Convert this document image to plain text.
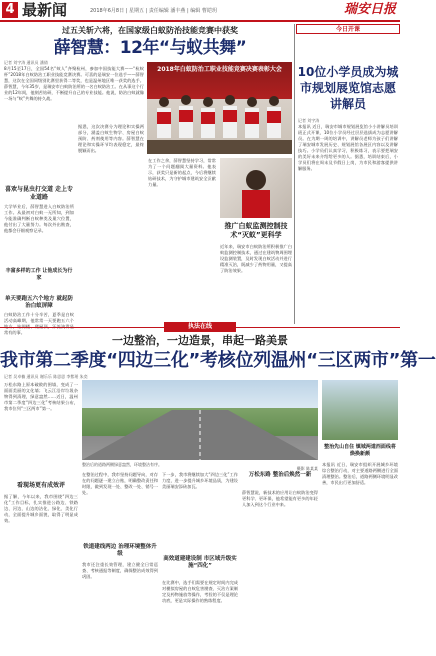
4 最新闻	2018年6月8日 | 星期五 | 责任编辑 潘丰燕 | 编辑 曹皑玥	瑞安日报
过五关斩六将，在国家级白蚁防治技能竞赛中获奖
薛智慧：12年“与蚁共舞”
记者 刘宇涛 通讯员 潘倩
8月15至17日，全国54名“蚁人”齐聚杭州，参加中国技能大赛——“杭蚁杯”2018年白蚁防治工职业技能竞赛决赛。可喜的是瑞安一位选手——薛智慧，这次在全国同级别比赛里获得二等奖，也是温州地区唯一获奖的选手。薛智慧，今年35岁，是瑞安市白蚁防治所的一名白蚁防治工。在从事这个行业的12年间，他刻苦钻研，不断提升自己的专业技能。他说，防治白蚁就像一场与“蚁”共舞的持久战。
2018年白蚁防治工职业技能竞赛决赛表彰大会
今日开课
10位小学员成为城市规划展览馆志愿讲解员
记者 刘宇涛
本报讯 近日，瑞安市城市规划展览馆小小讲解员培训班正式开课，10位小学员经过层层选拔成为志愿讲解员。在为期一周的培训中，讲解员老师为孩子们讲解了瑞安城市发展历史、规划展馆各展区内容以及讲解技巧。小学员们认真学习，积极练习，表示要把瑞安的美好未来介绍给更多的人。据悉，培训结束后，小学员们将在周末及节假日上岗，为市民和游客提供讲解服务。
喜欢与昆虫打交道 走上专业道路
大学毕业后，薛智慧进入白蚁防治所工作。从最初对白蚁一无所知，到如今能准确判断白蚁种类及巢穴位置，他付出了大量努力。每次外出勘查，他都会仔细观察记录。
丰富多样的工作 让他成长为行家
单天要跑五六个地方 就起防治白蚁屏障
白蚁防治工作十分辛苦，夏季是白蚁活动高峰期，他常常一天要跑五六个 常有的事。
据悉，这次决赛分为理论和实操两部分，涵盖白蚁生物学、房屋白蚁预防、药剂使用等内容。薛智慧在理论和实操环节均表现稳定，最终脱颖而出。
在工作之余，薛智慧坚持学习，常常为了一个问题翻阅大量资料。他表示，获奖只是新的起点，今后将继续钻研技术，为守护城市建筑安全贡献力量。
推广白蚁监测控制技术“灭蚁”更科学
近年来，瑞安市白蚁防治所积极推广白蚁监测控制技术，通过在建筑物周围埋设监测装置，及时发现白蚁活动并进行精准灭治，既减少了药物用量，又提高了防治效果。
执法在线
一边整治，一边造景，串起一路美景
我市第二季度“四边三化”考核位列温州“三区两市”第一
记者 吴卓楠 通讯员 谢乐乐 陈思思 李紫瑶 朱奕
万松东路上原本破败的围墙，变成了一面面美丽的文化墙；飞云江沿岸垃圾杂物得到清理，绿意盎然……近日，温州市第二季度“四边三化”考核结果公布，我市位列“三区两市”第一。
整治后的道路两侧绿意盎然，环境整洁有序。
整治先山自住 镇城两道西面线将焕换新颜
本报讯 近日，瑞安市组织开展城乡环境综合整治行动，对主要道路两侧进行全面清理整治。整治后，道路两侧环境明显改善，市民出行更加舒适。
看现场更有成效评
据了解，今年以来，我市围绕“四边三化”工作目标，扎实推进公路边、铁路边、河边、山边的洁化、绿化、美化行动，全面提升城乡面貌，取得了明显成效。
在整治过程中，我市坚持问题导向，对存在的问题逐一建立台账，明确整改责任和时限，做到发现一处、整改一处、销号一处。
铁道建线两边 治理环境整体升级
我市还注重长效管理，建立健全日常巡查、考核通报等制度，确保整治成效得到巩固。
下一步，我市将继续加大“四边三化”工作力度，进一步提升城乡环境品质，为建设美丽瑞安添砖加瓦。
高效道建建设制 市区域升级实 施“四化”
万松东路 整治后焕然一新
薛智慧说，新技术的应用让白蚁防治变得更科学、更环保，他希望能有更多的年轻人加入到这个行业中来。
在比赛中，选手们需要在规定时间内完成对模拟房屋的白蚁危害勘查、灭治方案制定及药物施放等操作，考验的不仅是理论功底，更是实际操作的熟练程度。
摄影 陈某某
